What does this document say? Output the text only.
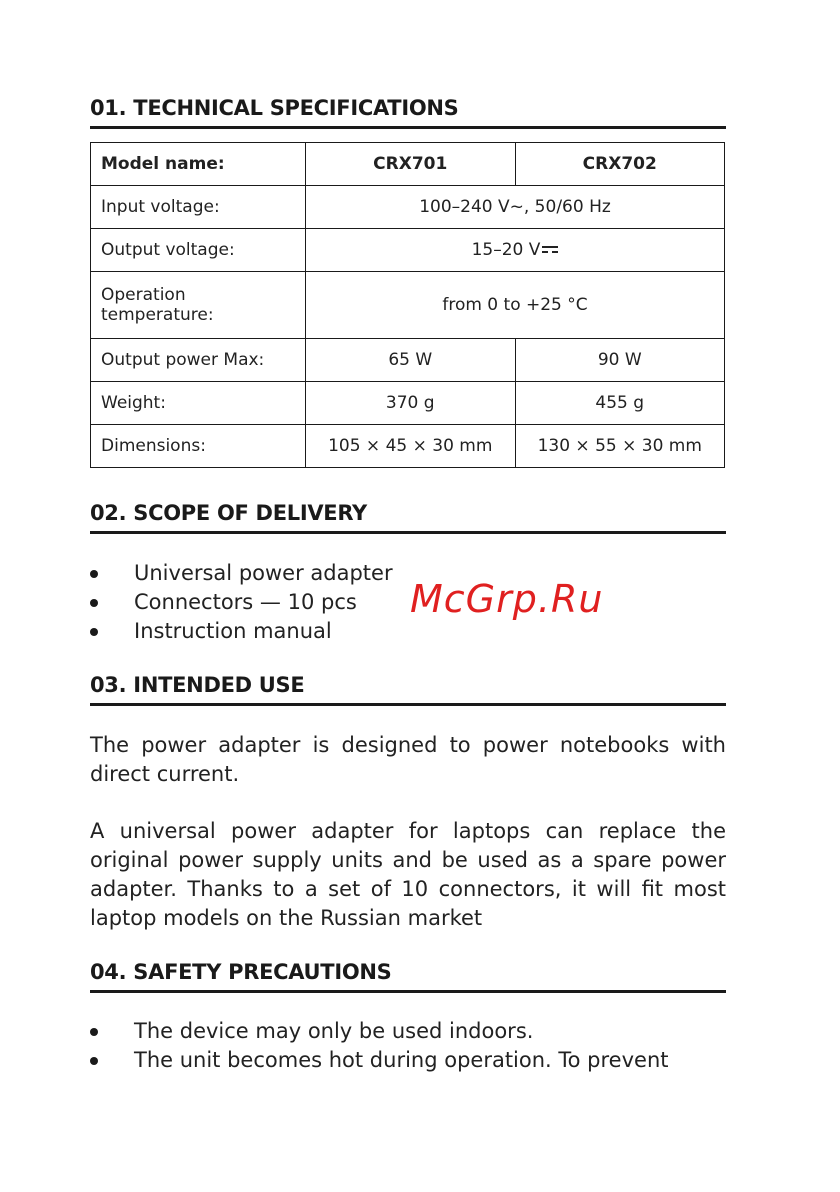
01. TECHNICAL SPECIFICATIONS
Model name:	CRX701	CRX702
Input voltage:	100–240 V~, 50/60 Hz	
Output voltage:	15–20 V	

Operation
temperature:	from 0 to +25 °C	
Output power Max:	65 W	90 W
Weight:	370 g	455 g
Dimensions:	105 × 45 × 30 mm	130 × 55 × 30 mm
02. SCOPE OF DELIVERY
Universal power adapter
Connectors — 10 pcs
Instruction manual
03. INTENDED USE

The power adapter is designed to power notebooks with direct current.

A universal power adapter for laptops can replace the original power supply units and be used as a spare power adapter. Thanks to a set of 10 connectors, it will fit most laptop models on the Russian market

04. SAFETY PRECAUTIONS
The device may only be used indoors.
The unit becomes hot during operation. To prevent
McGrp.Ru
